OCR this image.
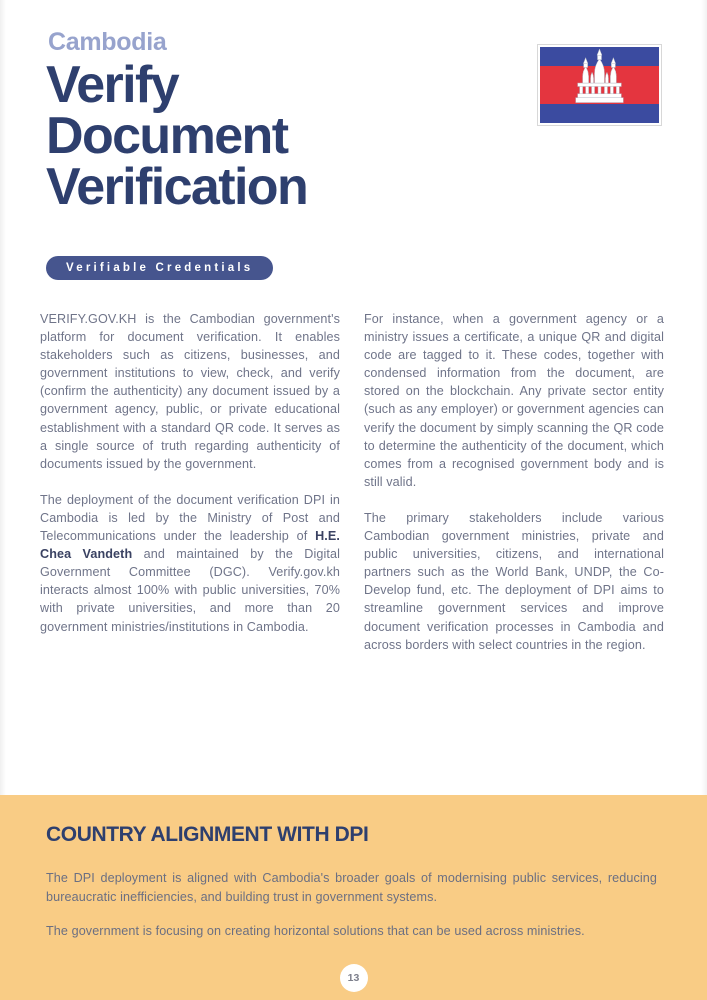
Cambodia
Verify
Document
Verification
Verifiable Credentials

VERIFY.GOV.KH is the Cambodian government's platform for document verification. It enables stakeholders such as citizens, businesses, and government institutions to view, check, and verify (confirm the authenticity) any document issued by a government agency, public, or private educational establishment with a standard QR code. It serves as a single source of truth regarding authenticity of documents issued by the government.

The deployment of the document verification DPI in Cambodia is led by the Ministry of Post and Telecommunications under the leadership of H.E. Chea Vandeth and maintained by the Digital Government Committee (DGC). Verify.gov.kh interacts almost 100% with public universities, 70% with private universities, and more than 20 government ministries/institutions in Cambodia.

For instance, when a government agency or a ministry issues a certificate, a unique QR and digital code are tagged to it. These codes, together with condensed information from the document, are stored on the blockchain. Any private sector entity (such as any employer) or government agencies can verify the document by simply scanning the QR code to determine the authenticity of the document, which comes from a recognised government body and is still valid.

The primary stakeholders include various Cambodian government ministries, private and public universities, citizens, and international partners such as the World Bank, UNDP, the Co-Develop fund, etc. The deployment of DPI aims to streamline government services and improve document verification processes in Cambodia and across borders with select countries in the region.

COUNTRY ALIGNMENT WITH DPI

The DPI deployment is aligned with Cambodia's broader goals of modernising public services, reducing bureaucratic inefficiencies, and building trust in government systems.

The government is focusing on creating horizontal solutions that can be used across ministries.

13
